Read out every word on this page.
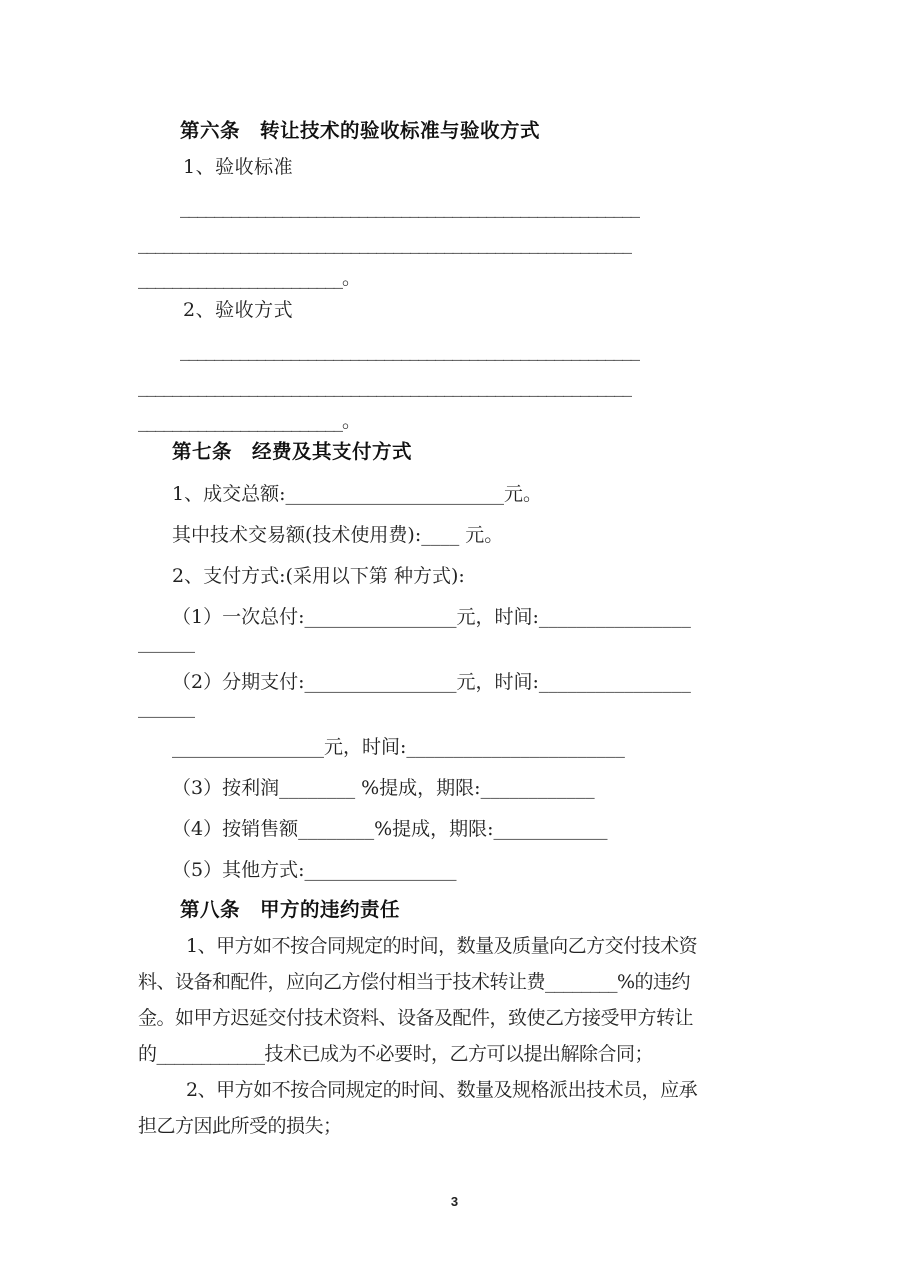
第六条　转让技术的验收标准与验收方式
1、验收标准
______________________________________________________
__________________________________________________________
________________________。
2、验收方式
______________________________________________________
__________________________________________________________
________________________。
第七条　经费及其支付方式
1、成交总额:_______________________元。
其中技术交易额(技术使用费):____ 元。
2、支付方式:(采用以下第 种方式):
（1）一次总付:________________元，时间:________________
______
（2）分期支付:________________元，时间:________________
______
________________元，时间:_______________________
（3）按利润________ %提成，期限:____________
（4）按销售额________%提成，期限:____________
（5）其他方式:________________
第八条　甲方的违约责任
1、甲方如不按合同规定的时间，数量及质量向乙方交付技术资
料、设备和配件，应向乙方偿付相当于技术转让费________%的违约
金。如甲方迟延交付技术资料、设备及配件，致使乙方接受甲方转让
的____________技术已成为不必要时，乙方可以提出解除合同；
2、甲方如不按合同规定的时间、数量及规格派出技术员，应承
担乙方因此所受的损失；
3
